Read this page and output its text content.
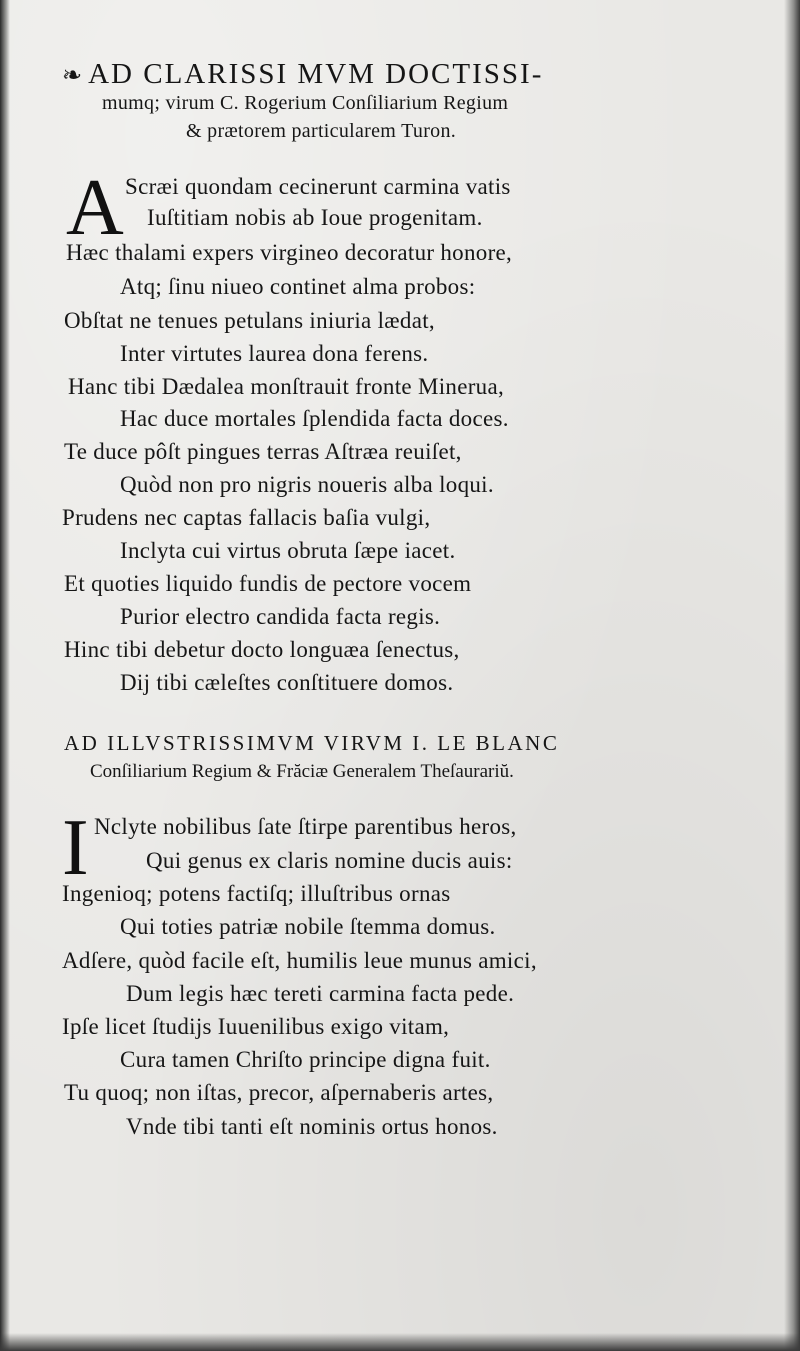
❧ AD CLARISSI MVM DOCTISSI-
mumq; virum C. Rogerium Conſiliarium Regium
& prætorem particularem Turon.
A Scræi quondam cecinerunt carmina vatis
Iuſtitiam nobis ab Ioue progenitam.
Hæc thalami expers virgineo decoratur honore,
Atq; ſinu niueo continet alma probos:
Obſtat ne tenues petulans iniuria lædat,
Inter virtutes laurea dona ferens.
Hanc tibi Dædalea monſtrauit fronte Minerua,
Hac duce mortales ſplendida facta doces.
Te duce pôſt pingues terras Aſtræa reuiſet,
Quòd non pro nigris noueris alba loqui.
Prudens nec captas fallacis baſia vulgi,
Inclyta cui virtus obruta ſæpe iacet.
Et quoties liquido fundis de pectore vocem
Purior electro candida facta regis.
Hinc tibi debetur docto longuæa ſenectus,
Dij tibi cæleſtes conſtituere domos.
AD ILLVSTRISSIMVM VIRVM I. LE BLANC
Conſiliarium Regium & Frăciæ Generalem Theſaurariŭ.
I Nclyte nobilibus ſate ſtirpe parentibus heros,
Qui genus ex claris nomine ducis auis:
Ingenioq; potens factiſq; illuſtribus ornas
Qui toties patriæ nobile ſtemma domus.
Adſere, quòd facile eſt, humilis leue munus amici,
Dum legis hæc tereti carmina facta pede.
Ipſe licet ſtudijs Iuuenilibus exigo vitam,
Cura tamen Chriſto principe digna fuit.
Tu quoq; non iſtas, precor, aſpernaberis artes,
Vnde tibi tanti eſt nominis ortus honos.
